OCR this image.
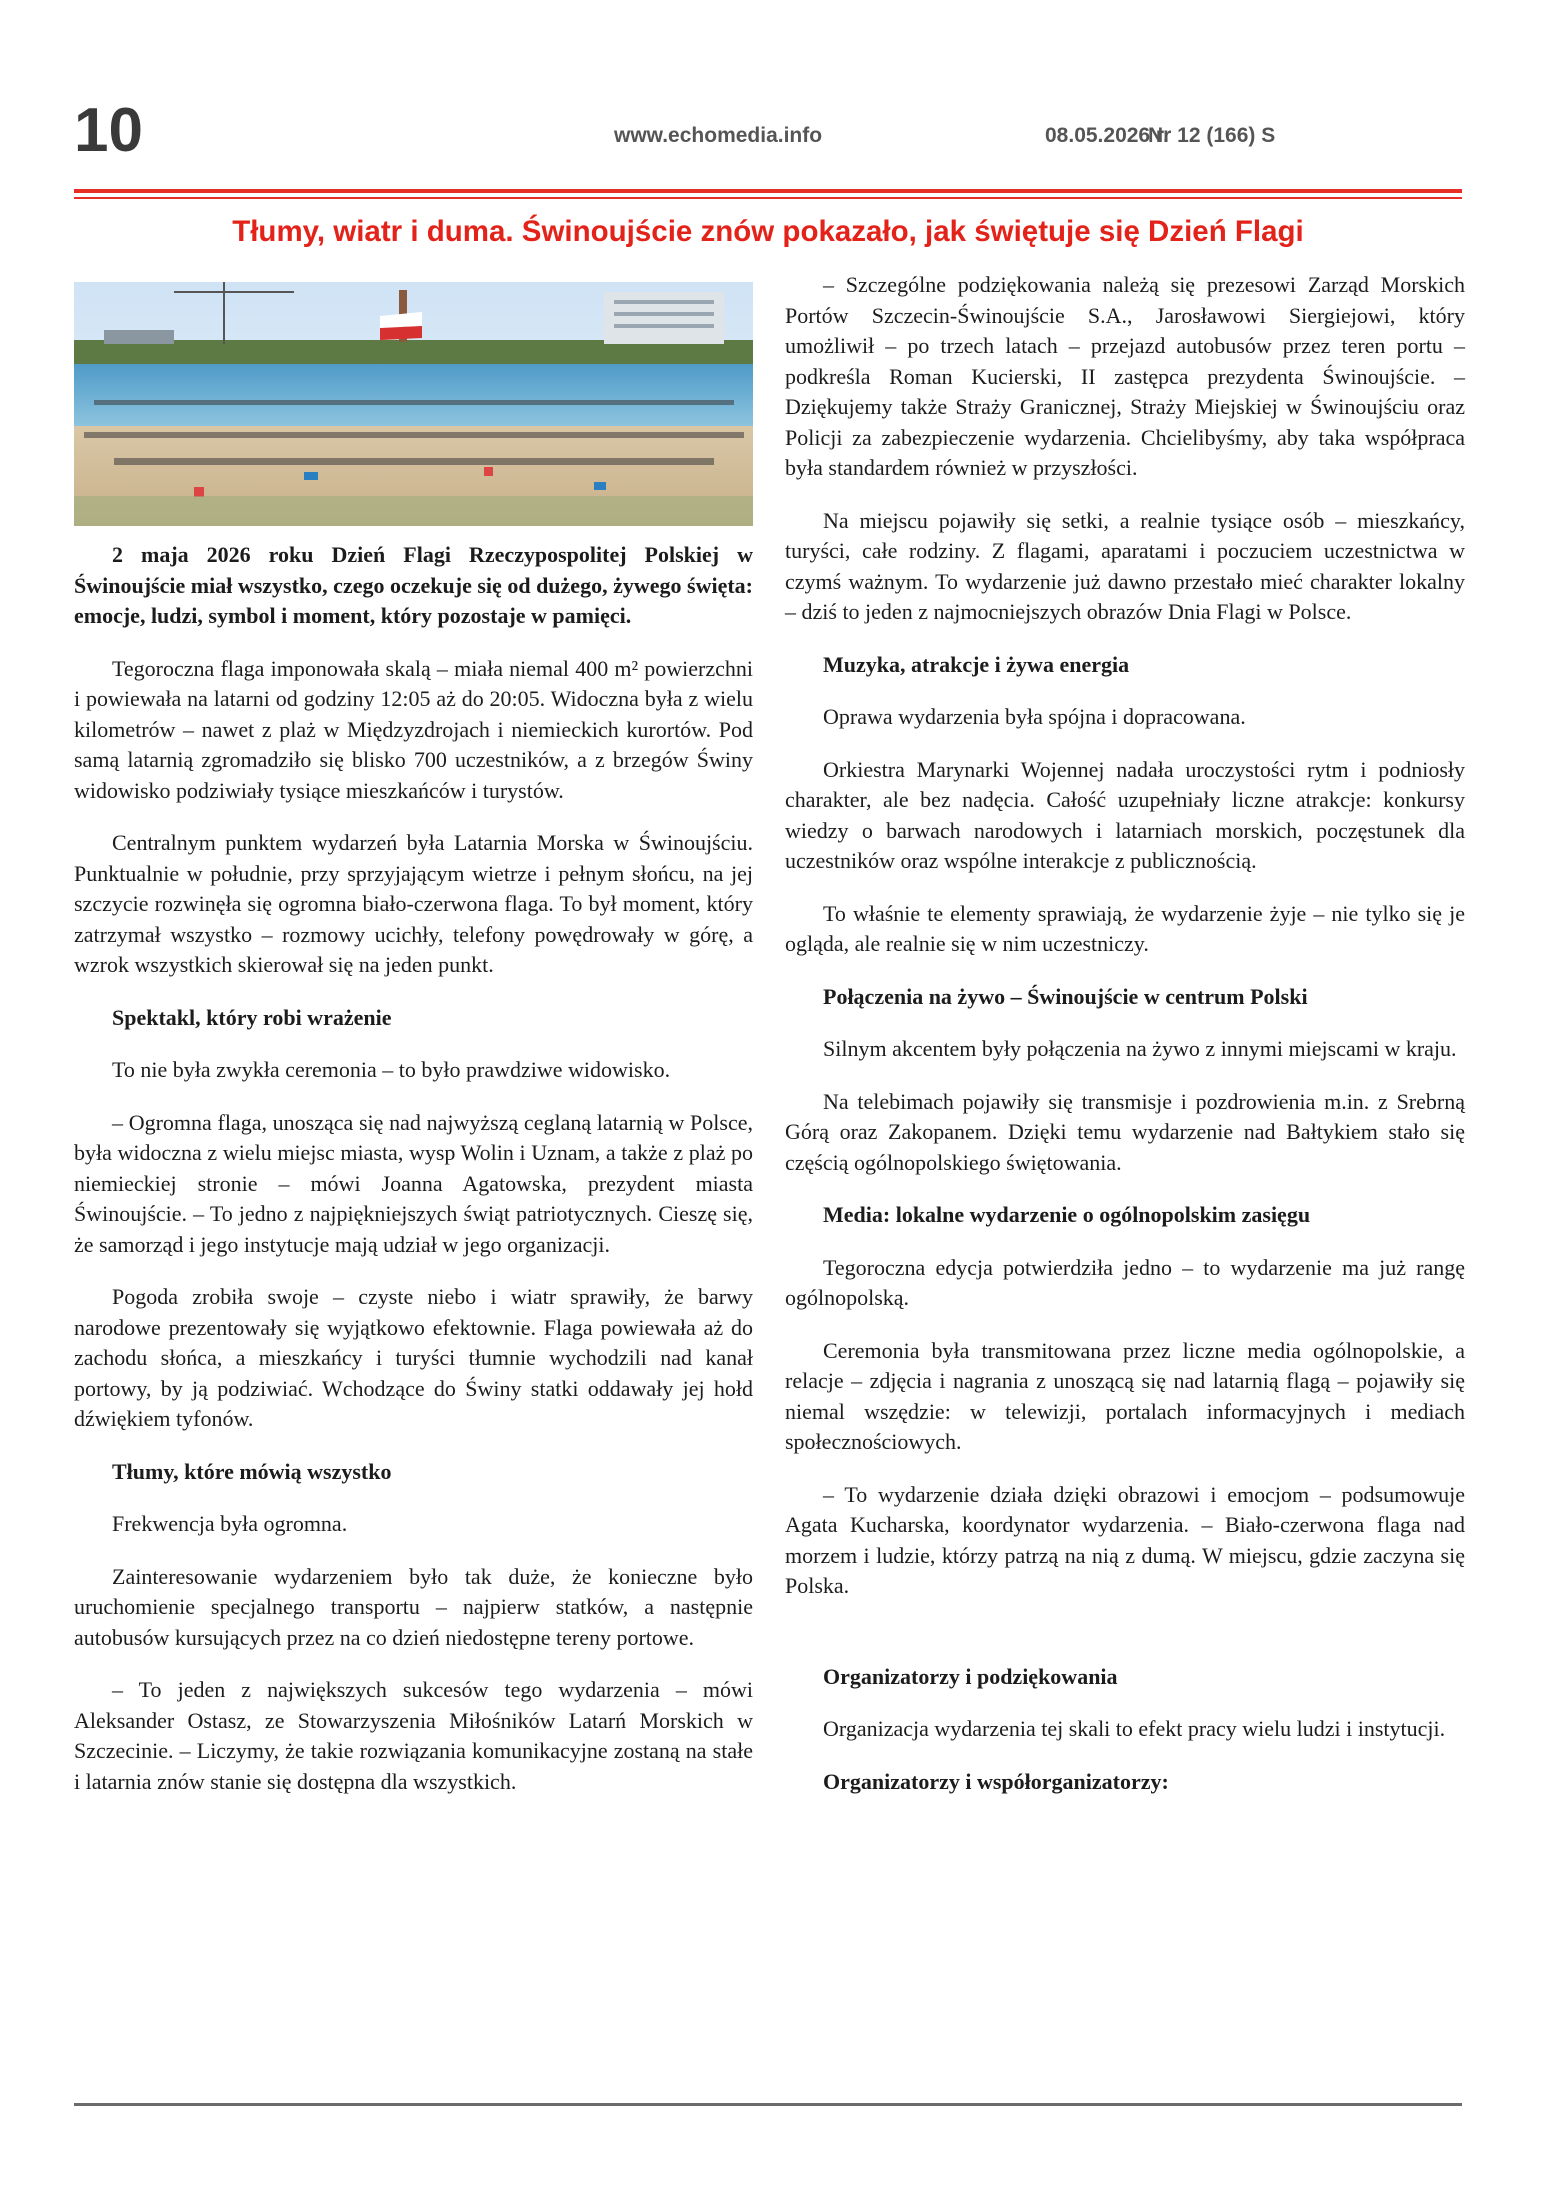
10	www.echomedia.info	08.05.2026 r.
Nr 12 (166) S
Tłumy, wiatr i duma. Świnoujście znów pokazało, jak świętuje się Dzień Flagi

2 maja 2026 roku Dzień Flagi Rzeczypospolitej Polskiej w Świnoujście miał wszystko, czego oczekuje się od dużego, żywego święta: emocje, ludzi, symbol i moment, który pozostaje w pamięci.

Tegoroczna flaga imponowała skalą – miała niemal 400 m² powierzchni i powiewała na latarni od godziny 12:05 aż do 20:05. Widoczna była z wielu kilometrów – nawet z plaż w Międzyzdrojach i niemieckich kurortów. Pod samą latarnią zgromadziło się blisko 700 uczestników, a z brzegów Świny widowisko podziwiały tysiące mieszkańców i turystów.

Centralnym punktem wydarzeń była Latarnia Morska w Świnoujściu. Punktualnie w południe, przy sprzyjającym wietrze i pełnym słońcu, na jej szczycie rozwinęła się ogromna biało-czerwona flaga. To był moment, który zatrzymał wszystko – rozmowy ucichły, telefony powędrowały w górę, a wzrok wszystkich skierował się na jeden punkt.

Spektakl, który robi wrażenie

To nie była zwykła ceremonia – to było prawdziwe widowisko.

– Ogromna flaga, unosząca się nad najwyższą ceglaną latarnią w Polsce, była widoczna z wielu miejsc miasta, wysp Wolin i Uznam, a także z plaż po niemieckiej stronie – mówi Joanna Agatowska, prezydent miasta Świnoujście. – To jedno z najpiękniejszych świąt patriotycznych. Cieszę się, że samorząd i jego instytucje mają udział w jego organizacji.

Pogoda zrobiła swoje – czyste niebo i wiatr sprawiły, że barwy narodowe prezentowały się wyjątkowo efektownie. Flaga powiewała aż do zachodu słońca, a mieszkańcy i turyści tłumnie wychodzili nad kanał portowy, by ją podziwiać. Wchodzące do Świny statki oddawały jej hołd dźwiękiem tyfonów.

Tłumy, które mówią wszystko

Frekwencja była ogromna.

Zainteresowanie wydarzeniem było tak duże, że konieczne było uruchomienie specjalnego transportu – najpierw statków, a następnie autobusów kursujących przez na co dzień niedostępne tereny portowe.

– To jeden z największych sukcesów tego wydarzenia – mówi Aleksander Ostasz, ze Stowarzyszenia Miłośników Latarń Morskich w Szczecinie. – Liczymy, że takie rozwiązania komunikacyjne zostaną na stałe i latarnia znów stanie się dostępna dla wszystkich.

– Szczególne podziękowania należą się prezesowi Zarząd Morskich Portów Szczecin-Świnoujście S.A., Jarosławowi Siergiejowi, który umożliwił – po trzech latach – przejazd autobusów przez teren portu – podkreśla Roman Kucierski, II zastępca prezydenta Świnoujście. – Dziękujemy także Straży Granicznej, Straży Miejskiej w Świnoujściu oraz Policji za zabezpieczenie wydarzenia. Chcielibyśmy, aby taka współpraca była standardem również w przyszłości.

Na miejscu pojawiły się setki, a realnie tysiące osób – mieszkańcy, turyści, całe rodziny. Z flagami, aparatami i poczuciem uczestnictwa w czymś ważnym. To wydarzenie już dawno przestało mieć charakter lokalny – dziś to jeden z najmocniejszych obrazów Dnia Flagi w Polsce.

Muzyka, atrakcje i żywa energia

Oprawa wydarzenia była spójna i dopracowana.

Orkiestra Marynarki Wojennej nadała uroczystości rytm i podniosły charakter, ale bez nadęcia. Całość uzupełniały liczne atrakcje: konkursy wiedzy o barwach narodowych i latarniach morskich, poczęstunek dla uczestników oraz wspólne interakcje z publicznością.

To właśnie te elementy sprawiają, że wydarzenie żyje – nie tylko się je ogląda, ale realnie się w nim uczestniczy.

Połączenia na żywo – Świnoujście w centrum Polski

Silnym akcentem były połączenia na żywo z innymi miejscami w kraju.

Na telebimach pojawiły się transmisje i pozdrowienia m.in. z Srebrną Górą oraz Zakopanem. Dzięki temu wydarzenie nad Bałtykiem stało się częścią ogólnopolskiego świętowania.

Media: lokalne wydarzenie o ogólnopolskim zasięgu

Tegoroczna edycja potwierdziła jedno – to wydarzenie ma już rangę ogólnopolską.

Ceremonia była transmitowana przez liczne media ogólnopolskie, a relacje – zdjęcia i nagrania z unoszącą się nad latarnią flagą – pojawiły się niemal wszędzie: w telewizji, portalach informacyjnych i mediach społecznościowych.

– To wydarzenie działa dzięki obrazowi i emocjom – podsumowuje Agata Kucharska, koordynator wydarzenia. – Biało-czerwona flaga nad morzem i ludzie, którzy patrzą na nią z dumą. W miejscu, gdzie zaczyna się Polska.

Organizatorzy i podziękowania

Organizacja wydarzenia tej skali to efekt pracy wielu ludzi i instytucji.

Organizatorzy i współorganizatorzy:
